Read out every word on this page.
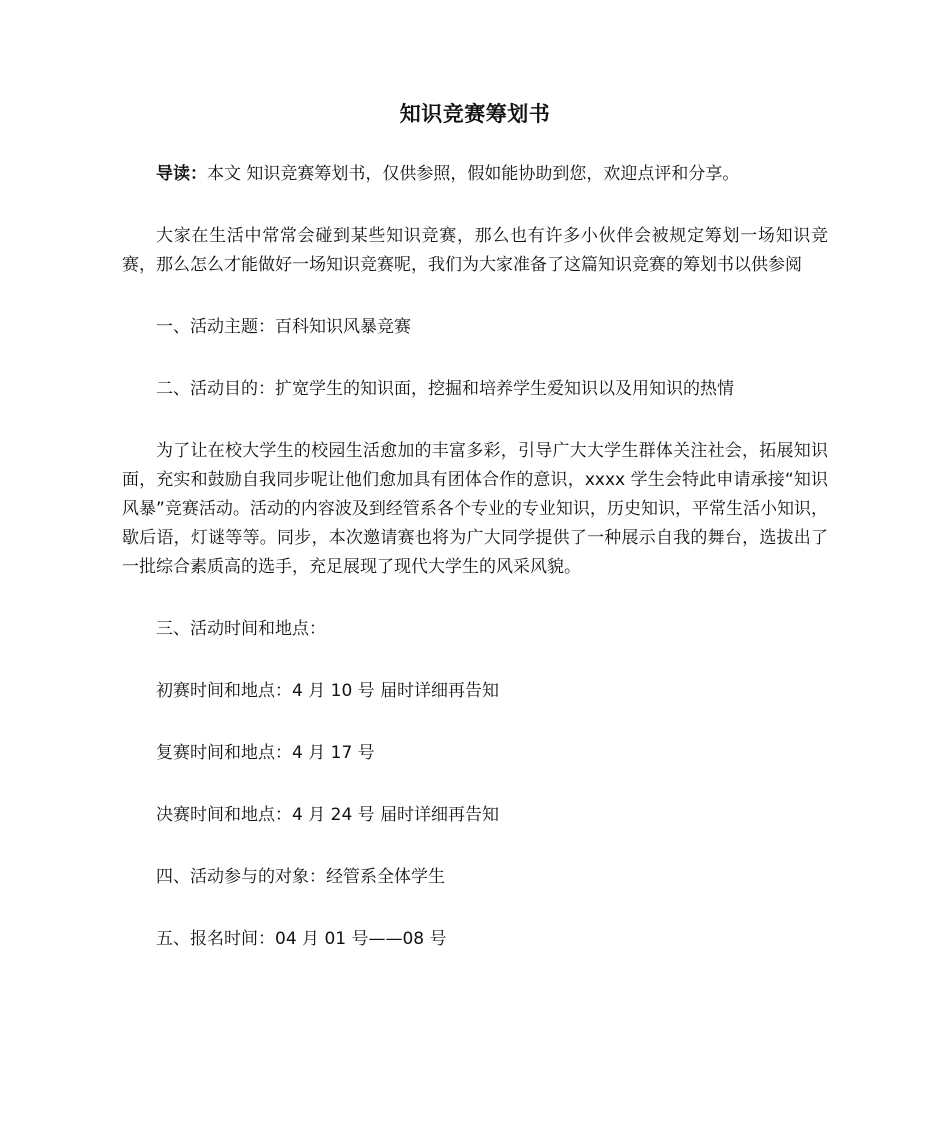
知识竞赛筹划书

导读：本文 知识竞赛筹划书，仅供参照，假如能协助到您，欢迎点评和分享。

大家在生活中常常会碰到某些知识竞赛，那么也有许多小伙伴会被规定筹划一场知识竞赛，那么怎么才能做好一场知识竞赛呢，我们为大家准备了这篇知识竞赛的筹划书以供参阅

一、活动主题：百科知识风暴竞赛

二、活动目的：扩宽学生的知识面，挖掘和培养学生爱知识以及用知识的热情

为了让在校大学生的校园生活愈加的丰富多彩，引导广大大学生群体关注社会，拓展知识面，充实和鼓励自我同步呢让他们愈加具有团体合作的意识，xxxx 学生会特此申请承接“知识风暴”竞赛活动。活动的内容波及到经管系各个专业的专业知识，历史知识，平常生活小知识，歇后语，灯谜等等。同步，本次邀请赛也将为广大同学提供了一种展示自我的舞台，选拔出了一批综合素质高的选手，充足展现了现代大学生的风采风貌。

三、活动时间和地点：

初赛时间和地点：4 月 10 号 届时详细再告知

复赛时间和地点：4 月 17 号

决赛时间和地点：4 月 24 号 届时详细再告知

四、活动参与的对象：经管系全体学生

五、报名时间：04 月 01 号——08 号
